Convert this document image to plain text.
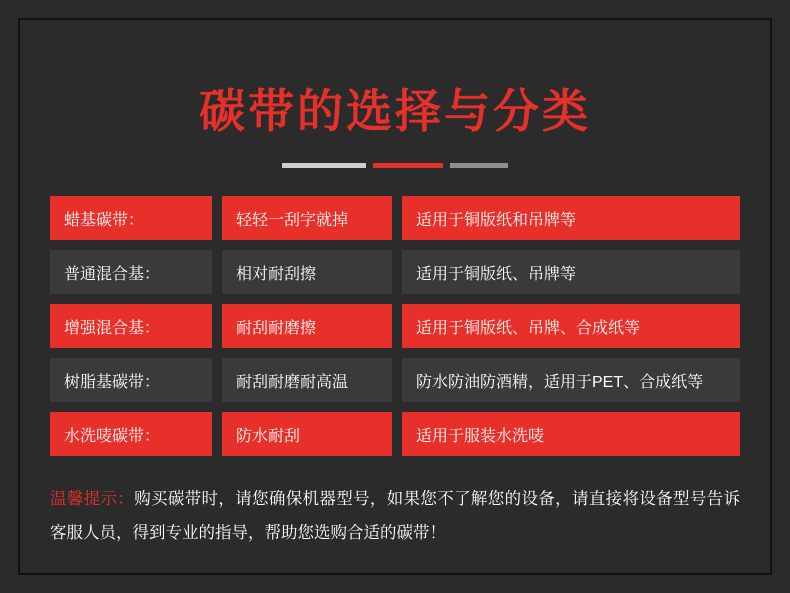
碳带的选择与分类
蜡基碳带：	轻轻一刮字就掉	适用于铜版纸和吊牌等
普通混合基：	相对耐刮擦	适用于铜版纸、吊牌等
增强混合基：	耐刮耐磨擦	适用于铜版纸、吊牌、合成纸等
树脂基碳带：	耐刮耐磨耐高温	防水防油防酒精，适用于PET、合成纸等
水洗唛碳带：	防水耐刮	适用于服装水洗唛
温馨提示：购买碳带时，请您确保机器型号，如果您不了解您的设备，请直接将设备型号告诉客服人员，得到专业的指导，帮助您选购合适的碳带！
